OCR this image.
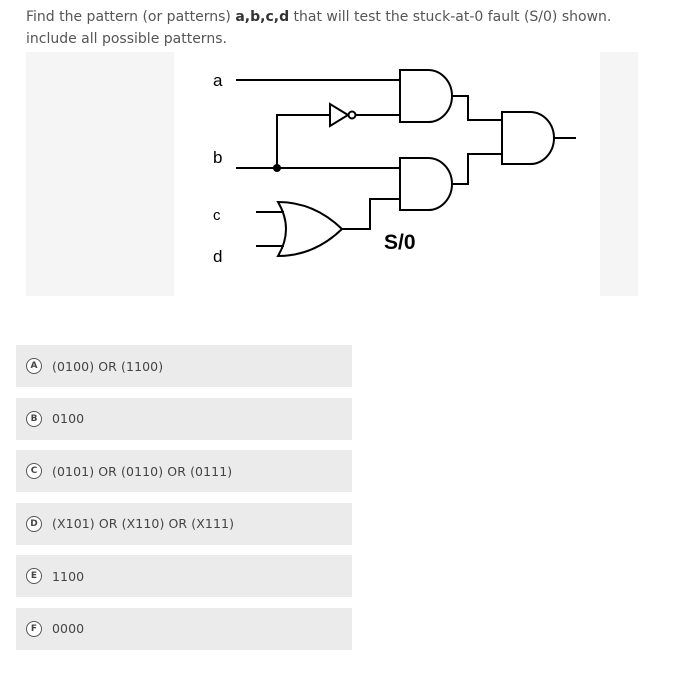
Find the pattern (or patterns) a,b,c,d that will test the stuck-at-0 fault (S/0) shown.
include all possible patterns.
a
b
c
d
S/0
A	(0100) OR (1100)
B	0100
C	(0101) OR (0110) OR (0111)
D	(X101) OR (X110) OR (X111)
E	1100
F	0000
